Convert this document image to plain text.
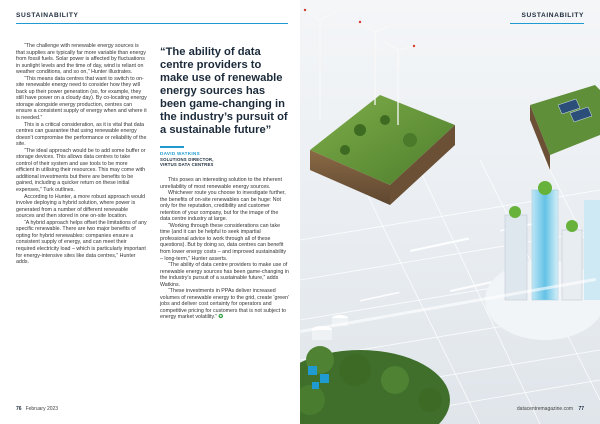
SUSTAINABILITY

“The challenge with renewable energy sources is that supplies are typically far more variable than energy from fossil fuels. Solar power is affected by fluctuations in sunlight levels and the time of day, wind is reliant on weather conditions, and so on,” Hunter illustrates.

“This means data centres that want to switch to on-site renewable energy need to consider how they will back up their power generation (so, for example, they still have power on a cloudy day). By co-locating energy storage alongside energy production, centres can ensure a consistent supply of energy when and where it is needed.”

This is a critical consideration, as it is vital that data centres can guarantee that using renewable energy doesn’t compromise the performance or reliability of the site.

“The ideal approach would be to add some buffer or storage devices. This allows data centres to take control of their system and use tools to be more efficient in utilising their resources. This may come with additional investments but there are benefits to be gained, including a quicker return on these initial expenses,” Turk outlines.

According to Hunter, a more robust approach would involve deploying a hybrid solution, where power is generated from a number of different renewable sources and then stored in one on-site location.

“A hybrid approach helps offset the limitations of any specific renewable. There are two major benefits of opting for hybrid renewables: companies ensure a consistent supply of energy, and can meet their required electricity load – which is particularly important for energy-intensive sites like data centres,” Hunter adds.

“The ability of data centre providers to make use of renewable energy sources has been game-changing in the industry’s pursuit of a sustainable future”
DAVID WATKINS
SOLUTIONS DIRECTOR,
VIRTUS DATA CENTRES

This poses an interesting solution to the inherent unreliability of most renewable energy sources.

Whichever route you choose to investigate further, the benefits of on-site renewables can be huge: Not only for the reputation, credibility and customer retention of your company, but for the image of the data centre industry at large.

“Working through these considerations can take time (and it can be helpful to seek impartial professional advice to work through all of these questions). But by doing so, data centres can benefit from lower energy costs – and improved sustainability – long-term,” Hunter asserts.

“The ability of data centre providers to make use of renewable energy sources has been game-changing in the industry’s pursuit of a sustainable future,” adds Watkins.

“These investments in PPAs deliver increased volumes of renewable energy to the grid, create ‘green’ jobs and deliver cost certainty for operators and competitive pricing for customers that is not subject to energy market volatility.” ✪

76 February 2023
SUSTAINABILITY
datacentremagazine.com 77
